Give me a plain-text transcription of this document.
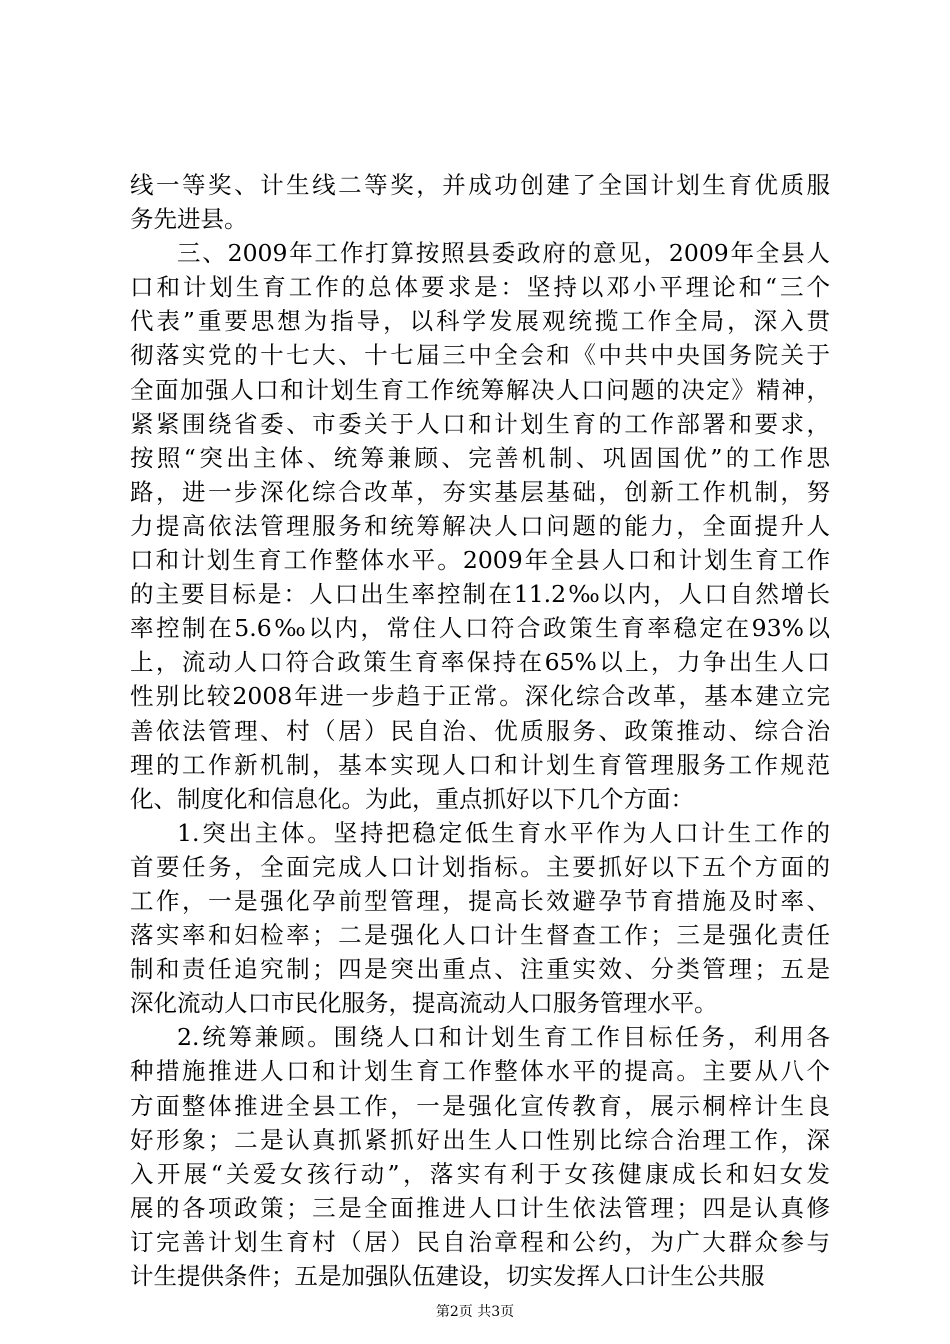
线一等奖、计生线二等奖，并成功创建了全国计划生育优质服
务先进县。
三、2009年工作打算按照县委政府的意见，2009年全县人
口和计划生育工作的总体要求是：坚持以邓小平理论和“三个
代表”重要思想为指导，以科学发展观统揽工作全局，深入贯
彻落实党的十七大、十七届三中全会和《中共中央国务院关于
全面加强人口和计划生育工作统筹解决人口问题的决定》精神，
紧紧围绕省委、市委关于人口和计划生育的工作部署和要求，
按照“突出主体、统筹兼顾、完善机制、巩固国优”的工作思
路，进一步深化综合改革，夯实基层基础，创新工作机制，努
力提高依法管理服务和统筹解决人口问题的能力，全面提升人
口和计划生育工作整体水平。2009年全县人口和计划生育工作
的主要目标是：人口出生率控制在11.2‰以内，人口自然增长
率控制在5.6‰以内，常住人口符合政策生育率稳定在93%以
上，流动人口符合政策生育率保持在65%以上，力争出生人口
性别比较2008年进一步趋于正常。深化综合改革，基本建立完
善依法管理、村（居）民自治、优质服务、政策推动、综合治
理的工作新机制，基本实现人口和计划生育管理服务工作规范
化、制度化和信息化。为此，重点抓好以下几个方面：
1.突出主体。坚持把稳定低生育水平作为人口计生工作的
首要任务，全面完成人口计划指标。主要抓好以下五个方面的
工作，一是强化孕前型管理，提高长效避孕节育措施及时率、
落实率和妇检率；二是强化人口计生督查工作；三是强化责任
制和责任追究制；四是突出重点、注重实效、分类管理；五是
深化流动人口市民化服务，提高流动人口服务管理水平。
2.统筹兼顾。围绕人口和计划生育工作目标任务，利用各
种措施推进人口和计划生育工作整体水平的提高。主要从八个
方面整体推进全县工作，一是强化宣传教育，展示桐梓计生良
好形象；二是认真抓紧抓好出生人口性别比综合治理工作，深
入开展“关爱女孩行动”，落实有利于女孩健康成长和妇女发
展的各项政策；三是全面推进人口计生依法管理；四是认真修
订完善计划生育村（居）民自治章程和公约，为广大群众参与
计生提供条件；五是加强队伍建设，切实发挥人口计生公共服
第2页 共3页
